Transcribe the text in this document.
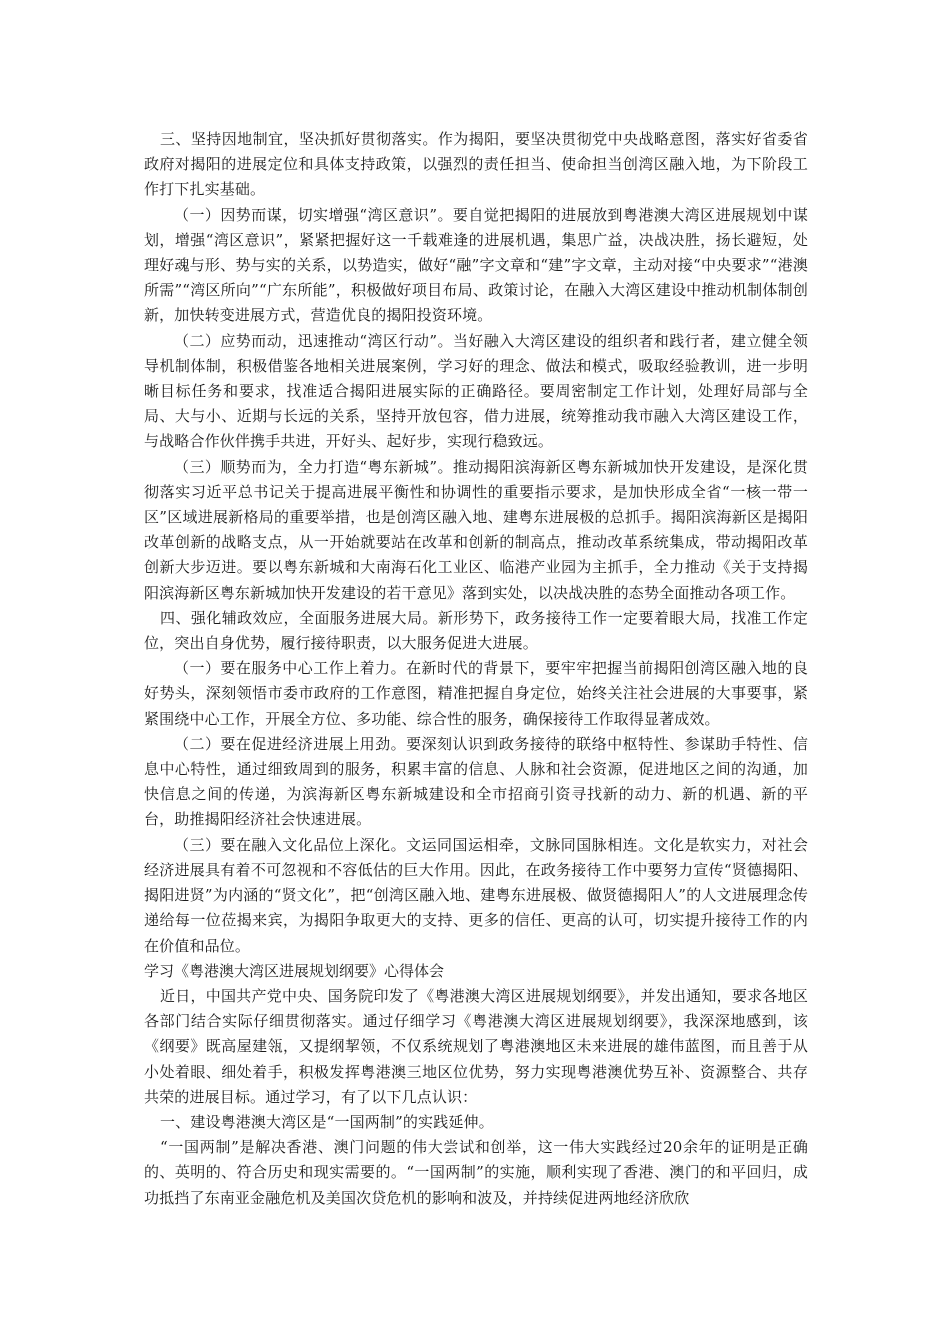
三、坚持因地制宜，坚决抓好贯彻落实。作为揭阳，要坚决贯彻党中央战略意图，落实好省委省政府对揭阳的进展定位和具体支持政策，以强烈的责任担当、使命担当创湾区融入地，为下阶段工作打下扎实基础。

（一）因势而谋，切实增强“湾区意识”。要自觉把揭阳的进展放到粤港澳大湾区进展规划中谋划，增强“湾区意识”，紧紧把握好这一千载难逢的进展机遇，集思广益，决战决胜，扬长避短，处理好魂与形、势与实的关系，以势造实，做好“融”字文章和“建”字文章，主动对接“中央要求”“港澳所需”“湾区所向”“广东所能”，积极做好项目布局、政策讨论，在融入大湾区建设中推动机制体制创新，加快转变进展方式，营造优良的揭阳投资环境。

（二）应势而动，迅速推动“湾区行动”。当好融入大湾区建设的组织者和践行者，建立健全领导机制体制，积极借鉴各地相关进展案例，学习好的理念、做法和模式，吸取经验教训，进一步明晰目标任务和要求，找准适合揭阳进展实际的正确路径。要周密制定工作计划，处理好局部与全局、大与小、近期与长远的关系，坚持开放包容，借力进展，统筹推动我市融入大湾区建设工作，与战略合作伙伴携手共进，开好头、起好步，实现行稳致远。

（三）顺势而为，全力打造“粤东新城”。推动揭阳滨海新区粤东新城加快开发建设，是深化贯彻落实习近平总书记关于提高进展平衡性和协调性的重要指示要求，是加快形成全省“一核一带一区”区域进展新格局的重要举措，也是创湾区融入地、建粤东进展极的总抓手。揭阳滨海新区是揭阳改革创新的战略支点，从一开始就要站在改革和创新的制高点，推动改革系统集成，带动揭阳改革创新大步迈进。要以粤东新城和大南海石化工业区、临港产业园为主抓手，全力推动《关于支持揭阳滨海新区粤东新城加快开发建设的若干意见》落到实处，以决战决胜的态势全面推动各项工作。

四、强化辅政效应，全面服务进展大局。新形势下，政务接待工作一定要着眼大局，找准工作定位，突出自身优势，履行接待职责，以大服务促进大进展。

（一）要在服务中心工作上着力。在新时代的背景下，要牢牢把握当前揭阳创湾区融入地的良好势头，深刻领悟市委市政府的工作意图，精准把握自身定位，始终关注社会进展的大事要事，紧紧围绕中心工作，开展全方位、多功能、综合性的服务，确保接待工作取得显著成效。

（二）要在促进经济进展上用劲。要深刻认识到政务接待的联络中枢特性、参谋助手特性、信息中心特性，通过细致周到的服务，积累丰富的信息、人脉和社会资源，促进地区之间的沟通，加快信息之间的传递，为滨海新区粤东新城建设和全市招商引资寻找新的动力、新的机遇、新的平台，助推揭阳经济社会快速进展。

（三）要在融入文化品位上深化。文运同国运相牵，文脉同国脉相连。文化是软实力，对社会经济进展具有着不可忽视和不容低估的巨大作用。因此，在政务接待工作中要努力宣传“贤德揭阳、揭阳进贤”为内涵的“贤文化”，把“创湾区融入地、建粤东进展极、做贤德揭阳人”的人文进展理念传递给每一位莅揭来宾，为揭阳争取更大的支持、更多的信任、更高的认可，切实提升接待工作的内在价值和品位。

学习《粤港澳大湾区进展规划纲要》心得体会

近日，中国共产党中央、国务院印发了《粤港澳大湾区进展规划纲要》，并发出通知，要求各地区各部门结合实际仔细贯彻落实。通过仔细学习《粤港澳大湾区进展规划纲要》，我深深地感到，该《纲要》既高屋建瓴，又提纲挈领，不仅系统规划了粤港澳地区未来进展的雄伟蓝图，而且善于从小处着眼、细处着手，积极发挥粤港澳三地区位优势，努力实现粤港澳优势互补、资源整合、共存共荣的进展目标。通过学习，有了以下几点认识：

一、建设粤港澳大湾区是“一国两制”的实践延伸。

“一国两制”是解决香港、澳门问题的伟大尝试和创举，这一伟大实践经过20余年的证明是正确的、英明的、符合历史和现实需要的。“一国两制”的实施，顺利实现了香港、澳门的和平回归，成功抵挡了东南亚金融危机及美国次贷危机的影响和波及，并持续促进两地经济欣欣
